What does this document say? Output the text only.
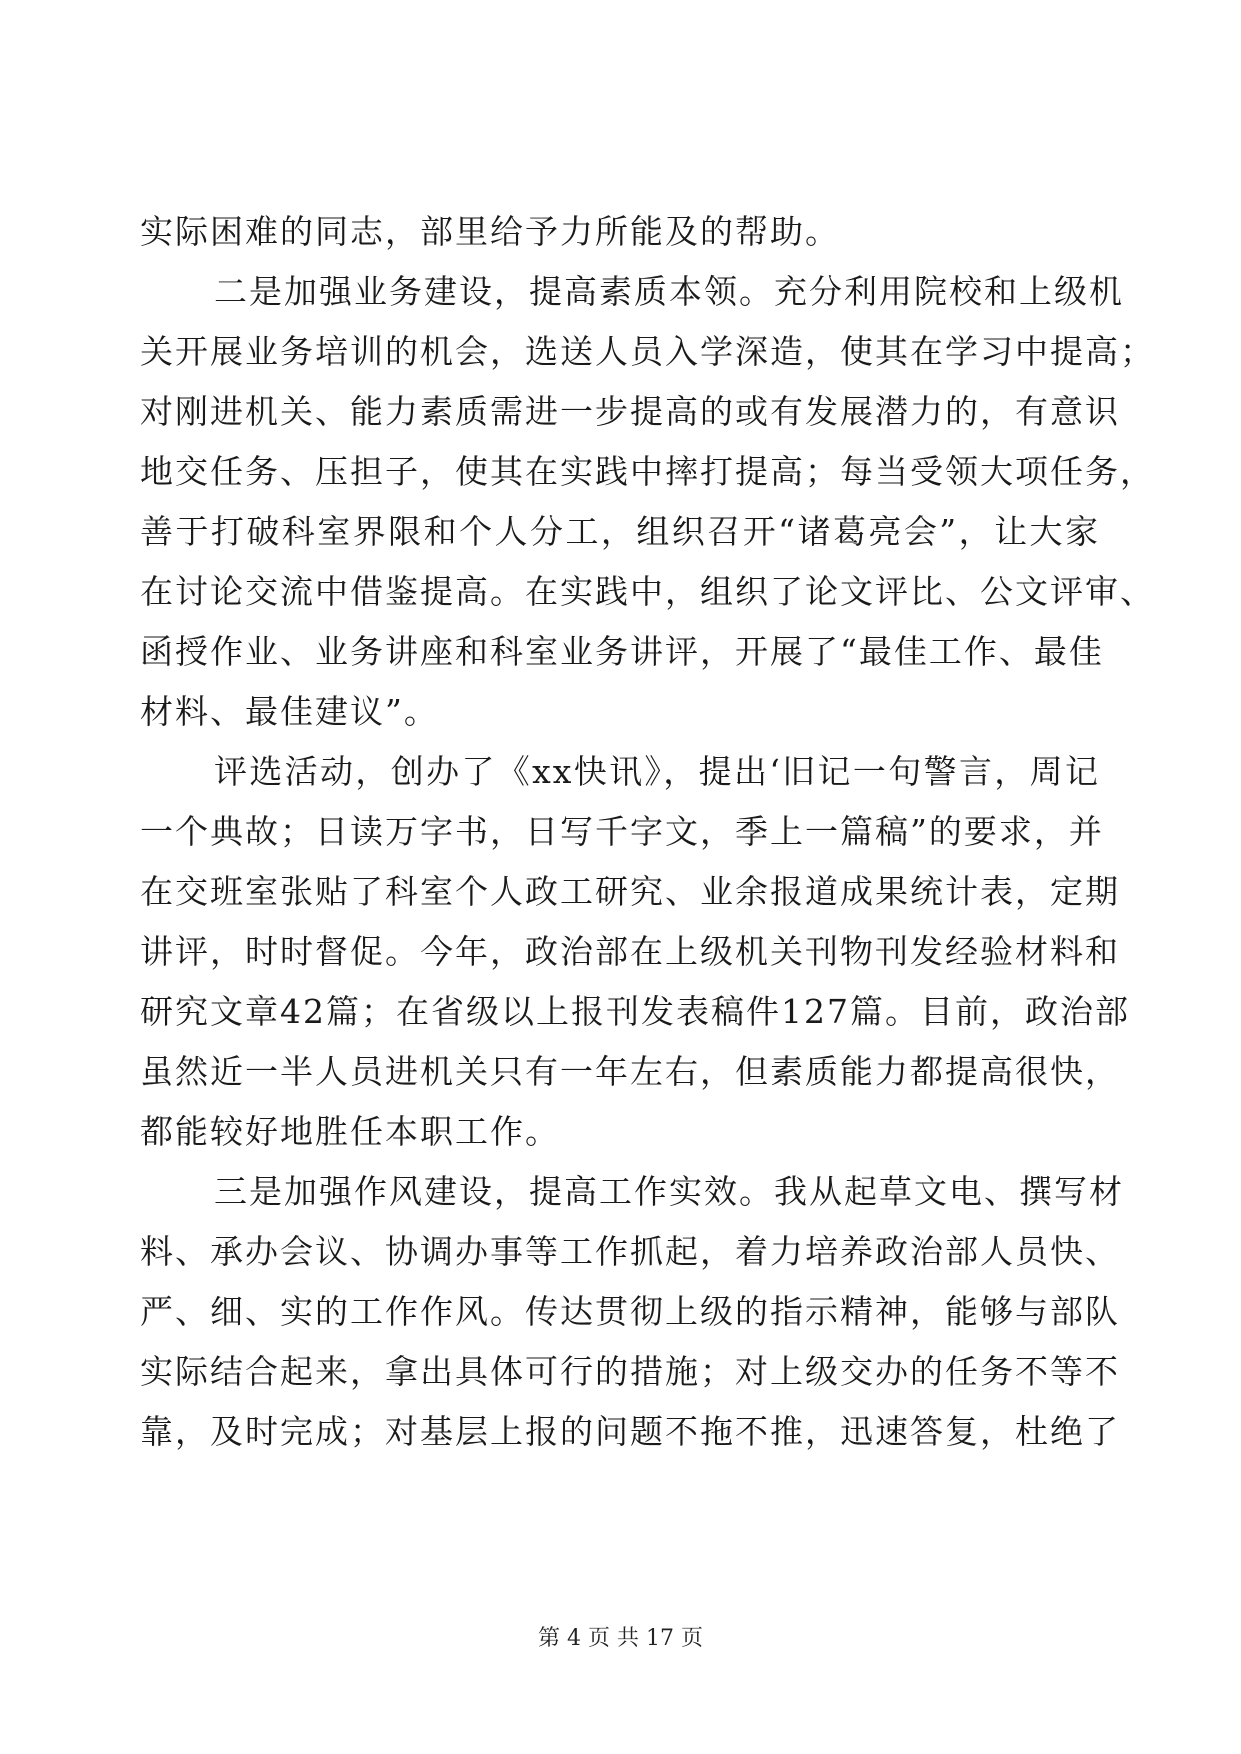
实际困难的同志，部里给予力所能及的帮助。
二是加强业务建设，提高素质本领。充分利用院校和上级机
关开展业务培训的机会，选送人员入学深造，使其在学习中提高；
对刚进机关、能力素质需进一步提高的或有发展潜力的，有意识
地交任务、压担子，使其在实践中摔打提高；每当受领大项任务，
善于打破科室界限和个人分工，组织召开“诸葛亮会”，让大家
在讨论交流中借鉴提高。在实践中，组织了论文评比、公文评审、
函授作业、业务讲座和科室业务讲评，开展了“最佳工作、最佳
材料、最佳建议”。
评选活动，创办了《xx快讯》，提出‘旧记一句警言，周记
一个典故；日读万字书，日写千字文，季上一篇稿”的要求，并
在交班室张贴了科室个人政工研究、业余报道成果统计表，定期
讲评，时时督促。今年，政治部在上级机关刊物刊发经验材料和
研究文章42篇；在省级以上报刊发表稿件127篇。目前，政治部
虽然近一半人员进机关只有一年左右，但素质能力都提高很快，
都能较好地胜任本职工作。
三是加强作风建设，提高工作实效。我从起草文电、撰写材
料、承办会议、协调办事等工作抓起，着力培养政治部人员快、
严、细、实的工作作风。传达贯彻上级的指示精神，能够与部队
实际结合起来，拿出具体可行的措施；对上级交办的任务不等不
靠，及时完成；对基层上报的问题不拖不推，迅速答复，杜绝了
第 4 页 共 17 页
